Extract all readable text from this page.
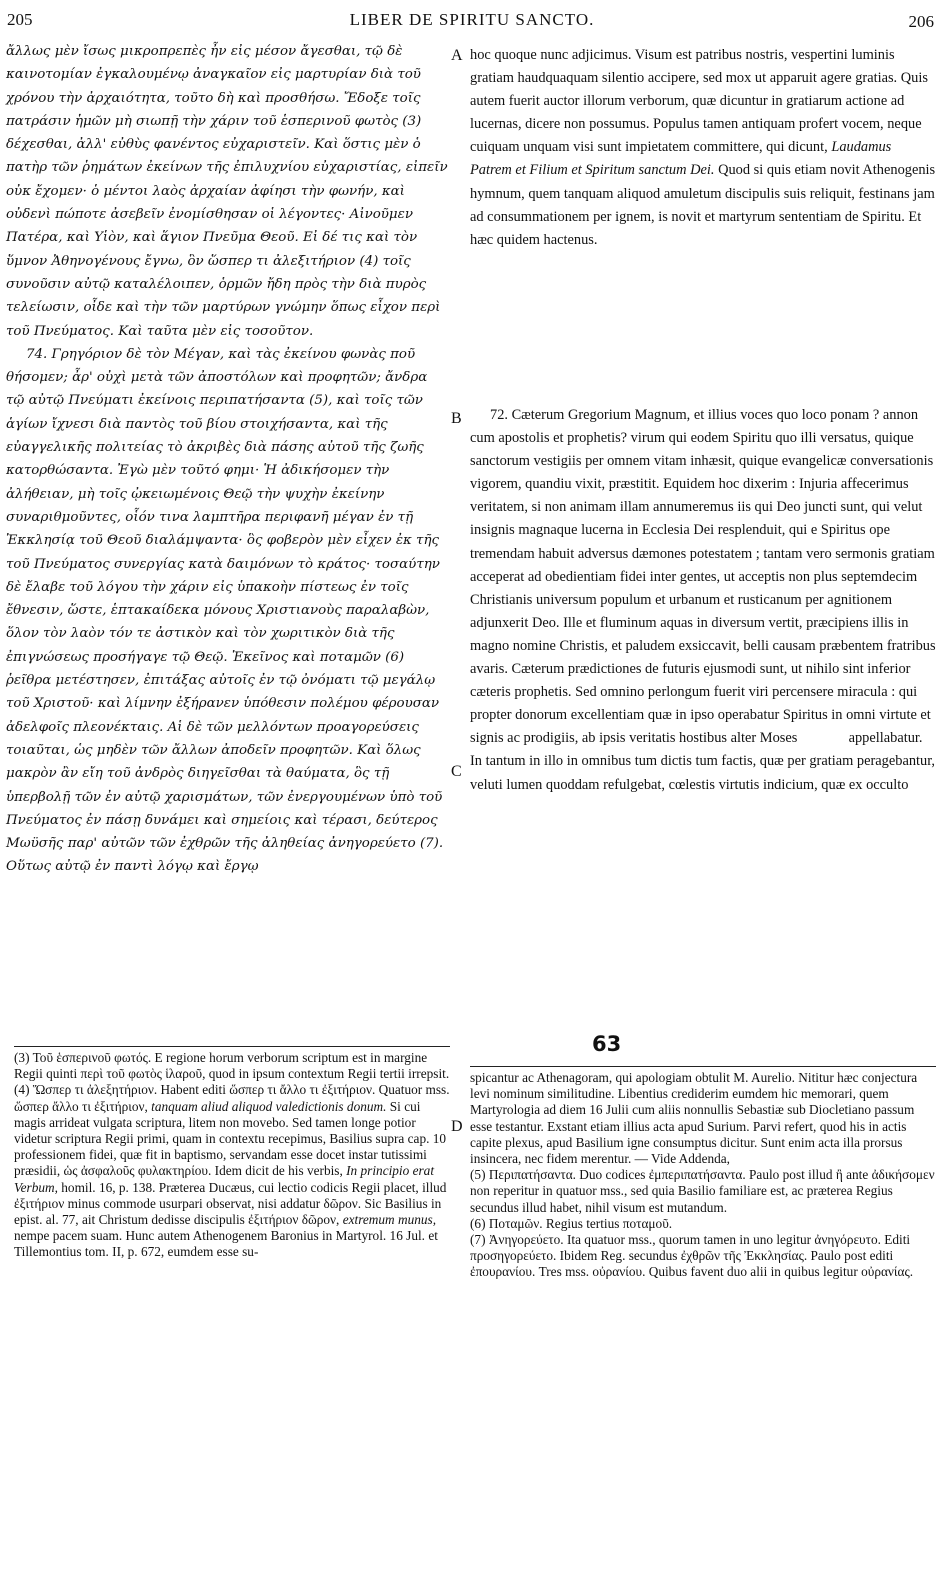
205	LIBER DE SPIRITU SANCTO.	206

ἄλλως μὲν ἴσως μικροπρεπὲς ἦν εἰς μέσον ἄγεσθαι, τῷ δὲ καινοτομίαν ἐγκαλουμένῳ ἀναγκαῖον εἰς μαρτυρίαν διὰ τοῦ χρόνου τὴν ἀρχαιότητα, τοῦτο δὴ καὶ προσθήσω. Ἔδοξε τοῖς πατράσιν ἡμῶν μὴ σιωπῇ τὴν χάριν τοῦ ἑσπερινοῦ φωτὸς (3) δέχεσθαι, ἀλλ' εὐθὺς φανέντος εὐχαριστεῖν. Καὶ ὅστις μὲν ὁ πατὴρ τῶν ῥημάτων ἐκείνων τῆς ἐπιλυχνίου εὐχαριστίας, εἰπεῖν οὐκ ἔχομεν· ὁ μέντοι λαὸς ἀρχαίαν ἀφίησι τὴν φωνήν, καὶ οὐδενὶ πώποτε ἀσεβεῖν ἐνομίσθησαν οἱ λέγοντες· Αἰνοῦμεν Πατέρα, καὶ Υἱὸν, καὶ ἅγιον Πνεῦμα Θεοῦ. Εἰ δέ τις καὶ τὸν ὕμνον Ἀθηνογένους ἔγνω, ὃν ὥσπερ τι ἀλεξιτήριον (4) τοῖς συνοῦσιν αὐτῷ καταλέλοιπεν, ὁρμῶν ἤδη πρὸς τὴν διὰ πυρὸς τελείωσιν, οἶδε καὶ τὴν τῶν μαρτύρων γνώμην ὅπως εἶχον περὶ τοῦ Πνεύματος. Καὶ ταῦτα μὲν εἰς τοσοῦτον.

74. Γρηγόριον δὲ τὸν Μέγαν, καὶ τὰς ἐκείνου φωνὰς ποῦ θήσομεν; ἆρ' οὐχὶ μετὰ τῶν ἀποστόλων καὶ προφητῶν; ἄνδρα τῷ αὐτῷ Πνεύματι ἐκείνοις περιπατήσαντα (5), καὶ τοῖς τῶν ἁγίων ἴχνεσι διὰ παντὸς τοῦ βίου στοιχήσαντα, καὶ τῆς εὐαγγελικῆς πολιτείας τὸ ἀκριβὲς διὰ πάσης αὐτοῦ τῆς ζωῆς κατορθώσαντα. Ἐγὼ μὲν τοῦτό φημι· Ἡ ἀδικήσομεν τὴν ἀλήθειαν, μὴ τοῖς ᾠκειωμένοις Θεῷ τὴν ψυχὴν ἐκείνην συναριθμοῦντες, οἷόν τινα λαμπτῆρα περιφανῆ μέγαν ἐν τῇ Ἐκκλησίᾳ τοῦ Θεοῦ διαλάμψαντα· ὃς φοβερὸν μὲν εἶχεν ἐκ τῆς τοῦ Πνεύματος συνεργίας κατὰ δαιμόνων τὸ κράτος· τοσαύτην δὲ ἔλαβε τοῦ λόγου τὴν χάριν εἰς ὑπακοὴν πίστεως ἐν τοῖς ἔθνεσιν, ὥστε, ἑπτακαίδεκα μόνους Χριστιανοὺς παραλαβὼν, ὅλον τὸν λαὸν τόν τε ἀστικὸν καὶ τὸν χωριτικὸν διὰ τῆς ἐπιγνώσεως προσήγαγε τῷ Θεῷ. Ἐκεῖνος καὶ ποταμῶν (6) ῥεῖθρα μετέστησεν, ἐπιτάξας αὐτοῖς ἐν τῷ ὀνόματι τῷ μεγάλῳ τοῦ Χριστοῦ· καὶ λίμνην ἐξήρανεν ὑπόθεσιν πολέμου φέρουσαν ἀδελφοῖς πλεονέκταις. Αἱ δὲ τῶν μελλόντων προαγορεύσεις τοιαῦται, ὡς μηδὲν τῶν ἄλλων ἀποδεῖν προφητῶν. Καὶ ὅλως μακρὸν ἂν εἴη τοῦ ἀνδρὸς διηγεῖσθαι τὰ θαύματα, ὃς τῇ ὑπερβολῇ τῶν ἐν αὐτῷ χαρισμάτων, τῶν ἐνεργουμένων ὑπὸ τοῦ Πνεύματος ἐν πάσῃ δυνάμει καὶ σημείοις καὶ τέρασι, δεύτερος Μωϋσῆς παρ' αὐτῶν τῶν ἐχθρῶν τῆς ἀληθείας ἀνηγορεύετο (7). Οὕτως αὐτῷ ἐν παντὶ λόγῳ καὶ ἔργῳ

A
B
C
D

hoc quoque nunc adjicimus. Visum est patribus nostris, vespertini luminis gratiam haudquaquam silentio accipere, sed mox ut apparuit agere gratias. Quis autem fuerit auctor illorum verborum, quæ dicuntur in gratiarum actione ad lucernas, dicere non possumus. Populus tamen antiquam profert vocem, neque cuiquam unquam visi sunt impietatem committere, qui dicunt, Laudamus Patrem et Filium et Spiritum sanctum Dei. Quod si quis etiam novit Athenogenis hymnum, quem tanquam aliquod amuletum discipulis suis reliquit, festinans jam ad consummationem per ignem, is novit et martyrum sententiam de Spiritu. Et hæc quidem hactenus.

72. Cæterum Gregorium Magnum, et illius voces quo loco ponam ? annon cum apostolis et prophetis? virum qui eodem Spiritu quo illi versatus, quique sanctorum vestigiis per omnem vitam inhæsit, quique evangelicæ conversationis vigorem, quandiu vixit, præstitit. Equidem hoc dixerim : Injuria affecerimus veritatem, si non animam illam annumeremus iis qui Deo juncti sunt, qui velut insignis magnaque lucerna in Ecclesia Dei resplenduit, qui e Spiritus ope tremendam habuit adversus dæmones potestatem ; tantam vero sermonis gratiam acceperat ad obedientiam fidei inter gentes, ut acceptis non plus septemdecim Christianis universum populum et urbanum et rusticanum per agnitionem adjunxerit Deo. Ille et fluminum aquas in diversum vertit, præcipiens illis in magno nomine Christis, et paludem exsiccavit, belli causam præbentem fratribus avaris. Cæterum prædictiones de futuris ejusmodi sunt, ut nihilo sint inferior cæteris prophetis. Sed omnino perlongum fuerit viri percensere miracula : qui propter donorum excellentiam quæ in ipso operabatur Spiritus in omni virtute et signis ac prodigiis, ab ipsis veritatis hostibus alter Moses	appellabatur. In tantum in illo in omnibus tum dictis tum factis, quæ per gratiam peragebantur, veluti lumen quoddam refulgebat, cœlestis virtutis indicium, quæ ex occulto

63

(3) Τοῦ ἑσπερινοῦ φωτός. E regione horum verborum scriptum est in margine Regii quinti περὶ τοῦ φωτὸς ἱλαροῦ, quod in ipsum contextum Regii tertii irrepsit.

(4) Ὥσπερ τι ἀλεξητήριον. Habent editi ὥσπερ τι ἄλλο τι ἐξιτήριον. Quatuor mss. ὥσπερ ἄλλο τι ἐξιτήριον, tanquam aliud aliquod valedictionis donum. Si cui magis arrideat vulgata scriptura, litem non movebo. Sed tamen longe potior videtur scriptura Regii primi, quam in contextu recepimus, Basilius supra cap. 10 professionem fidei, quæ fit in baptismo, servandam esse docet instar tutissimi præsidii, ὡς ἀσφαλοῦς φυλακτηρίου. Idem dicit de his verbis, In principio erat Verbum, homil. 16, p. 138. Præterea Ducæus, cui lectio codicis Regii placet, illud ἐξιτήριον minus commode usurpari observat, nisi addatur δῶρον. Sic Basilius in epist. al. 77, ait Christum dedisse discipulis ἐξιτήριον δῶρον, extremum munus, nempe pacem suam. Hunc autem Athenogenem Baronius in Martyrol. 16 Jul. et Tillemontius tom. II, p. 672, eumdem esse su-

spicantur ac Athenagoram, qui apologiam obtulit M. Aurelio. Nititur hæc conjectura levi nominum similitudine. Libentius crediderim eumdem hic memorari, quem Martyrologia ad diem 16 Julii cum aliis nonnullis Sebastiæ sub Diocletiano passum esse testantur. Exstant etiam illius acta apud Surium. Parvi refert, quod his in actis capite plexus, apud Basilium igne consumptus dicitur. Sunt enim acta illa prorsus insincera, nec fidem merentur. — Vide Addenda,

(5) Περιπατήσαντα. Duo codices ἐμπεριπατήσαντα. Paulo post illud ἢ ante ἀδικήσομεν non reperitur in quatuor mss., sed quia Basilio familiare est, ac præterea Regius secundus illud habet, nihil visum est mutandum.

(6) Ποταμῶν. Regius tertius ποταμοῦ.

(7) Ἀνηγορεύετο. Ita quatuor mss., quorum tamen in uno legitur ἀνηγόρευτο. Editi προσηγορεύετο. Ibidem Reg. secundus ἐχθρῶν τῆς Ἐκκλησίας. Paulo post editi ἐπουρανίου. Tres mss. οὐρανίου. Quibus favent duo alii in quibus legitur οὐρανίας.
